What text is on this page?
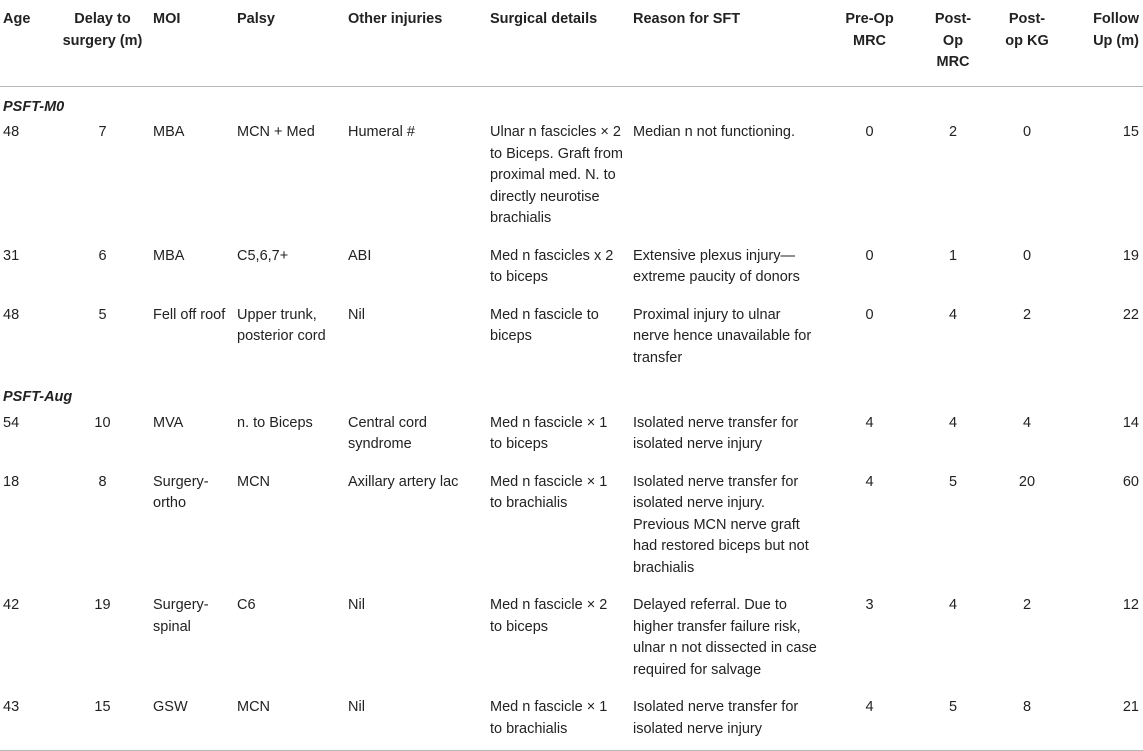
Age	Delay to surgery (m)	MOI	Palsy	Other injuries	Surgical details	Reason for SFT	Pre-Op MRC	Post-Op MRC	Post-op KG	Follow Up (m)
PSFT-M0										
48	7	MBA	MCN + Med	Humeral #	Ulnar n fascicles × 2 to Biceps. Graft from proximal med. N. to directly neurotise brachialis	Median n not functioning.	0	2	0	15
31	6	MBA	C5,6,7+	ABI	Med n fascicles x 2 to biceps	Extensive plexus injury—extreme paucity of donors	0	1	0	19
48	5	Fell off roof	Upper trunk, posterior cord	Nil	Med n fascicle to biceps	Proximal injury to ulnar nerve hence unavailable for transfer	0	4	2	22
PSFT-Aug										
54	10	MVA	n. to Biceps	Central cord syndrome	Med n fascicle × 1 to biceps	Isolated nerve transfer for isolated nerve injury	4	4	4	14
18	8	Surgery-ortho	MCN	Axillary artery lac	Med n fascicle × 1 to brachialis	Isolated nerve transfer for isolated nerve injury. Previous MCN nerve graft had restored biceps but not brachialis	4	5	20	60
42	19	Surgery-spinal	C6	Nil	Med n fascicle × 2 to biceps	Delayed referral. Due to higher transfer failure risk, ulnar n not dissected in case required for salvage	3	4	2	12
43	15	GSW	MCN	Nil	Med n fascicle × 1 to brachialis	Isolated nerve transfer for isolated nerve injury	4	5	8	21
